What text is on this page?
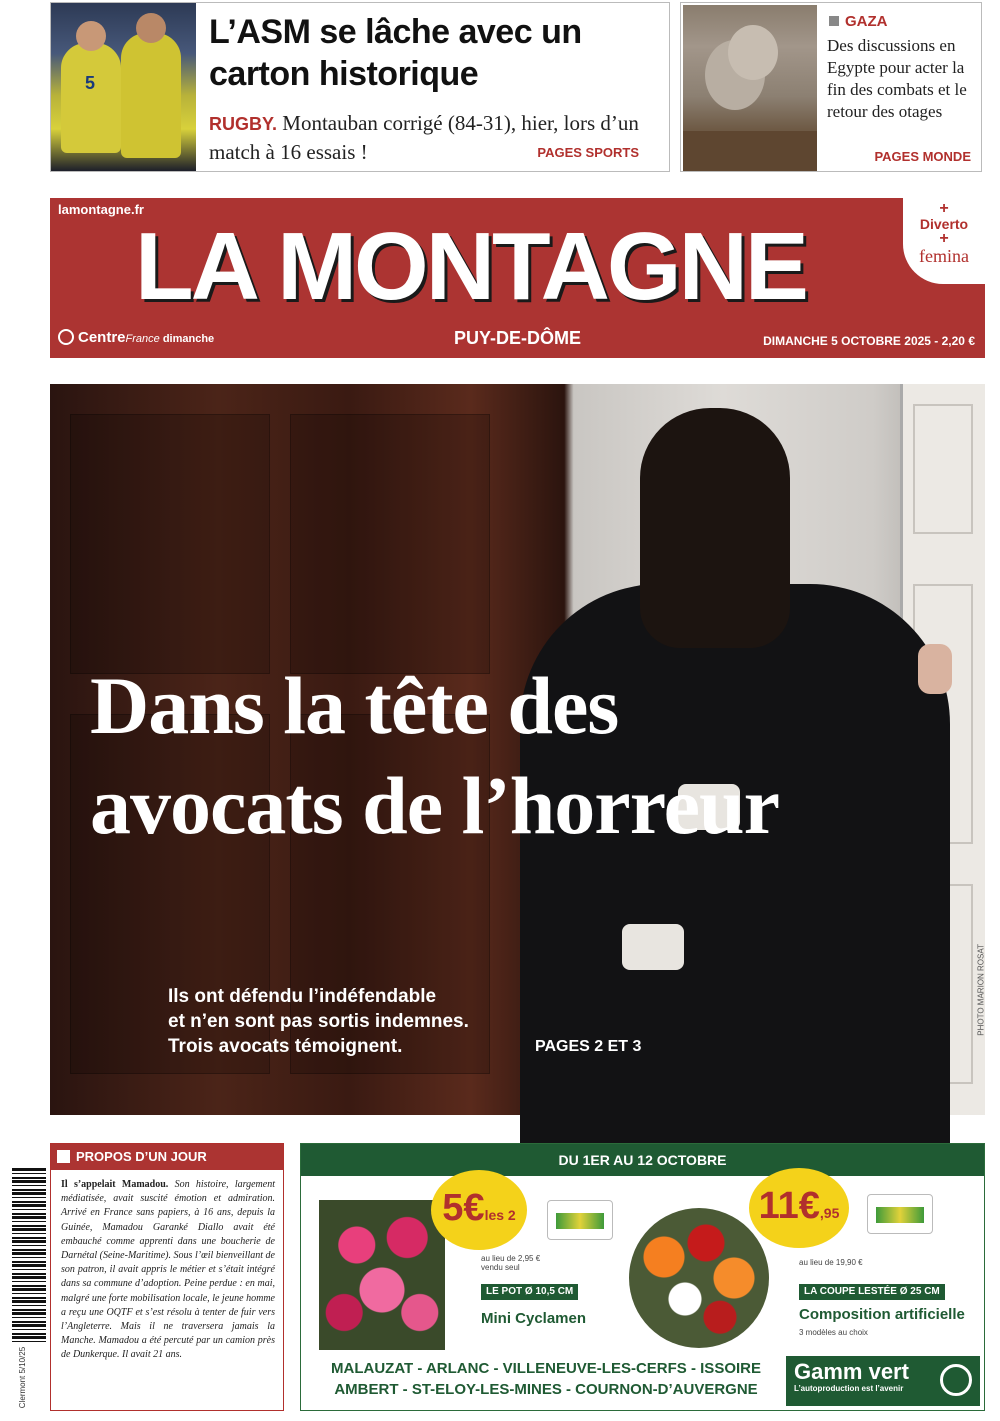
5
L’ASM se lâche avec un carton historique
RUGBY. Montauban corrigé (84-31), hier, lors d’un match à 16 essais !	PAGES SPORTS
GAZA
Des discussions en Egypte pour acter la fin des combats et le retour des otages
PAGES MONDE
lamontagne.fr
LA MONTAGNE
CentreFrance dimanche	PUY-DE-DÔME	DIMANCHE 5 OCTOBRE 2025 - 2,20 €
+
Diverto
+
femina
Dans la tête des avocats de l’horreur
Ils ont défendu l’indéfendable
et n’en sont pas sortis indemnes.
Trois avocats témoignent.	PAGES 2 ET 3
PHOTO MARION ROSAT
Clermont 5/10/25
PROPOS D’UN JOUR
Il s’appelait Mamadou. Son histoire, largement médiatisée, avait suscité émotion et admiration. Arrivé en France sans papiers, à 16 ans, depuis la Guinée, Mamadou Garanké Diallo avait été embauché comme apprenti dans une boucherie de Darnétal (Seine-Maritime). Sous l’œil bienveillant de son patron, il avait appris le métier et s’était intégré dans sa commune d’adoption. Peine perdue : en mai, malgré une forte mobilisation locale, le jeune homme a reçu une OQTF et s’est résolu à tenter de fuir vers l’Angleterre. Mais il ne traversera jamais la Manche. Mamadou a été percuté par un camion près de Dunkerque. Il avait 21 ans.
DU 1ER AU 12 OCTOBRE
5€les 2
au lieu de 2,95 € vendu seul
LE POT Ø 10,5 CM
Mini Cyclamen
11€,95
au lieu de 19,90 €
LA COUPE LESTÉE Ø 25 CM
Composition artificielle
3 modèles au choix
MALAUZAT - ARLANC - VILLENEUVE-LES-CERFS - ISSOIRE
AMBERT - ST-ELOY-LES-MINES - COURNON-D’AUVERGNE
Gamm vert
L’autoproduction est l’avenir
